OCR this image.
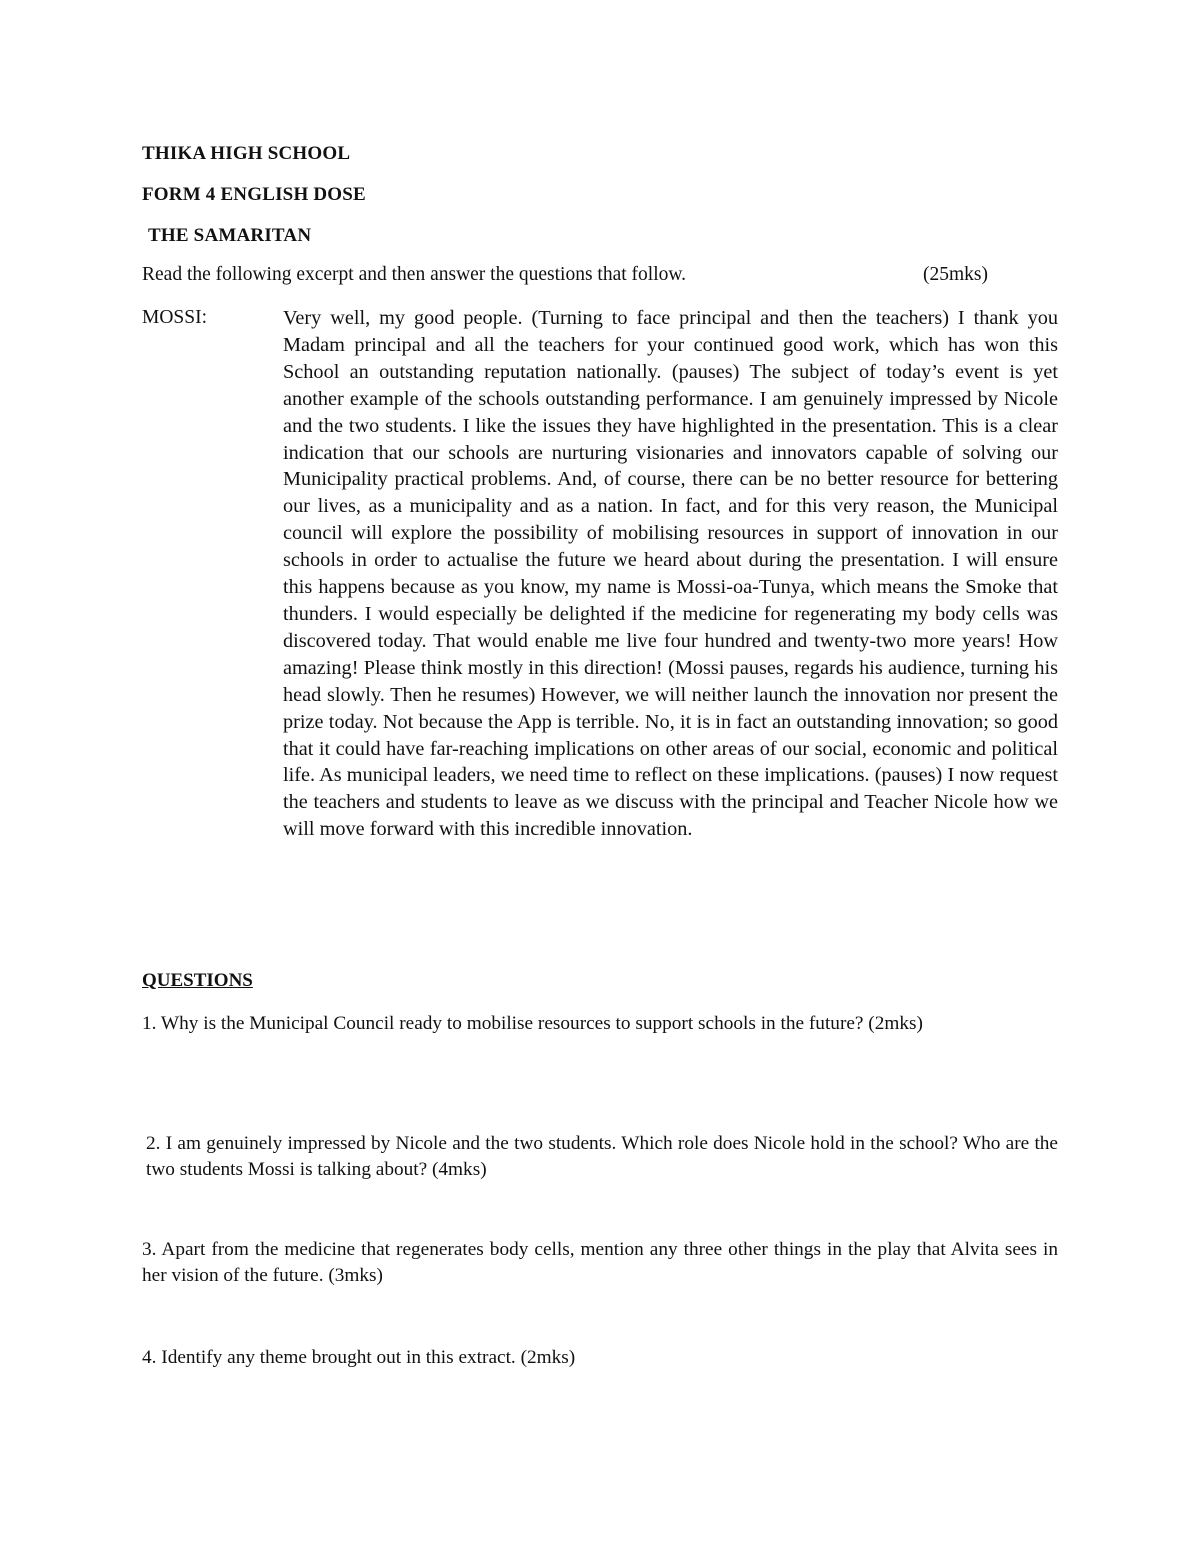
THIKA HIGH SCHOOL
FORM 4 ENGLISH DOSE
THE SAMARITAN
Read the following excerpt and then answer the questions that follow.	(25mks)
MOSSI:	Very well, my good people. (Turning to face principal and then the teachers) I thank you Madam principal and all the teachers for your continued good work, which has won this School an outstanding reputation nationally. (pauses) The subject of today’s event is yet another example of the schools outstanding performance. I am genuinely impressed by Nicole and the two students. I like the issues they have highlighted in the presentation. This is a clear indication that our schools are nurturing visionaries and innovators capable of solving our Municipality practical problems. And, of course, there can be no better resource for bettering our lives, as a municipality and as a nation. In fact, and for this very reason, the Municipal council will explore the possibility of mobilising resources in support of innovation in our schools in order to actualise the future we heard about during the presentation. I will ensure this happens because as you know, my name is Mossi-oa-Tunya, which means the Smoke that thunders. I would especially be delighted if the medicine for regenerating my body cells was discovered today. That would enable me live four hundred and twenty-two more years! How amazing! Please think mostly in this direction! (Mossi pauses, regards his audience, turning his head slowly. Then he resumes) However, we will neither launch the innovation nor present the prize today. Not because the App is terrible. No, it is in fact an outstanding innovation; so good that it could have far-reaching implications on other areas of our social, economic and political life. As municipal leaders, we need time to reflect on these implications. (pauses) I now request the teachers and students to leave as we discuss with the principal and Teacher Nicole how we will move forward with this incredible innovation.
QUESTIONS
1. Why is the Municipal Council ready to mobilise resources to support schools in the future? (2mks)
2. I am genuinely impressed by Nicole and the two students. Which role does Nicole hold in the school? Who are the two students Mossi is talking about? (4mks)
3. Apart from the medicine that regenerates body cells, mention any three other things in the play that Alvita sees in her vision of the future. (3mks)
4. Identify any theme brought out in this extract. (2mks)
